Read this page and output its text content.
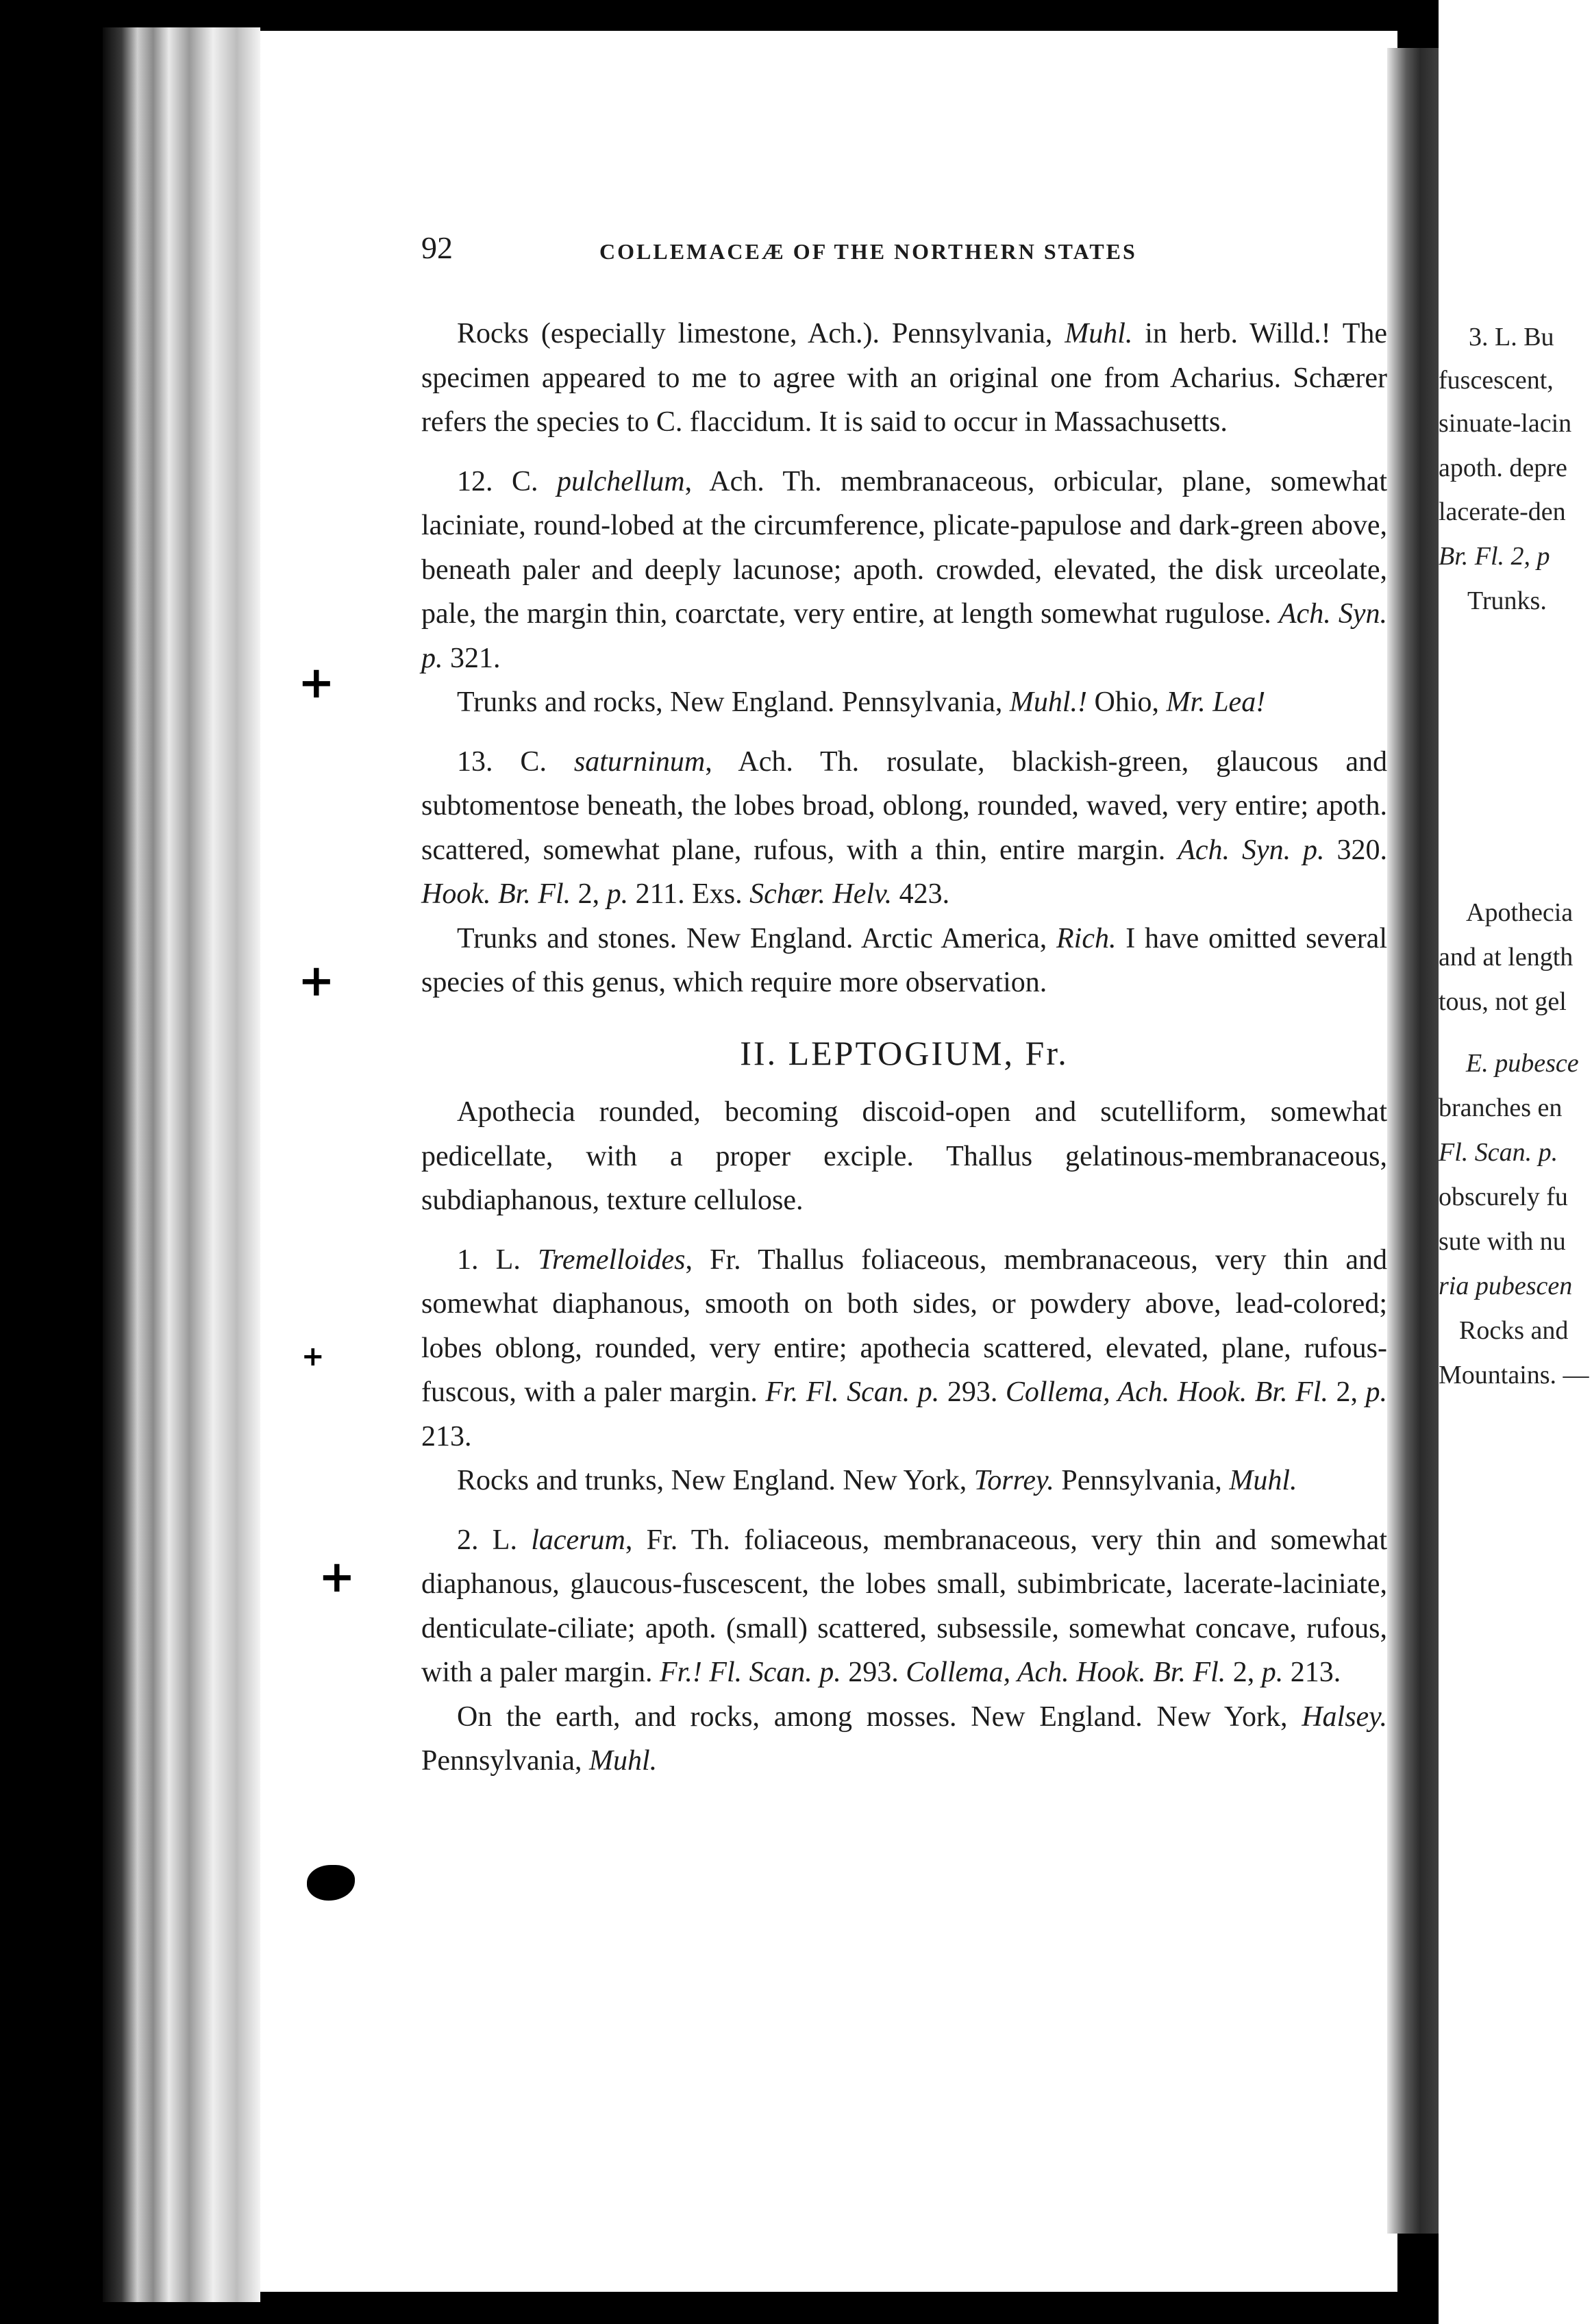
3. L. Bu
fuscescent,
sinuate-lacin
apoth. depre
lacerate-den
Br. Fl. 2, p
Trunks.
Apothecia
and at length
tous, not gel
E. pubesce
branches en
Fl. Scan. p.
obscurely fu
sute with nu
ria pubescen
Rocks and
Mountains. —
+
+
+
+
92	COLLEMACEÆ OF THE NORTHERN STATES

Rocks (especially limestone, Ach.). Pennsylvania, Muhl. in herb. Willd.! The specimen appeared to me to agree with an original one from Acharius. Schærer refers the species to C. flaccidum. It is said to occur in Massachusetts.

12. C. pulchellum, Ach. Th. membranaceous, orbicular, plane, somewhat laciniate, round-lobed at the circumference, plicate-papulose and dark-green above, beneath paler and deeply lacunose; apoth. crowded, elevated, the disk urceolate, pale, the margin thin, coarctate, very entire, at length somewhat rugulose. Ach. Syn. p. 321.

Trunks and rocks, New England. Pennsylvania, Muhl.! Ohio, Mr. Lea!

13. C. saturninum, Ach. Th. rosulate, blackish-green, glaucous and subtomentose beneath, the lobes broad, oblong, rounded, waved, very entire; apoth. scattered, somewhat plane, rufous, with a thin, entire margin. Ach. Syn. p. 320. Hook. Br. Fl. 2, p. 211. Exs. Schær. Helv. 423.

Trunks and stones. New England. Arctic America, Rich. I have omitted several species of this genus, which require more observation.

II. LEPTOGIUM, Fr.

Apothecia rounded, becoming discoid-open and scutelliform, somewhat pedicellate, with a proper exciple. Thallus gelatinous-membranaceous, subdiaphanous, texture cellulose.

1. L. Tremelloides, Fr. Thallus foliaceous, membranaceous, very thin and somewhat diaphanous, smooth on both sides, or powdery above, lead-colored; lobes oblong, rounded, very entire; apothecia scattered, elevated, plane, rufous-fuscous, with a paler margin. Fr. Fl. Scan. p. 293. Collema, Ach. Hook. Br. Fl. 2, p. 213.

Rocks and trunks, New England. New York, Torrey. Pennsylvania, Muhl.

2. L. lacerum, Fr. Th. foliaceous, membranaceous, very thin and somewhat diaphanous, glaucous-fuscescent, the lobes small, subimbricate, lacerate-laciniate, denticulate-ciliate; apoth. (small) scattered, subsessile, somewhat concave, rufous, with a paler margin. Fr.! Fl. Scan. p. 293. Collema, Ach. Hook. Br. Fl. 2, p. 213.

On the earth, and rocks, among mosses. New England. New York, Halsey. Pennsylvania, Muhl.
